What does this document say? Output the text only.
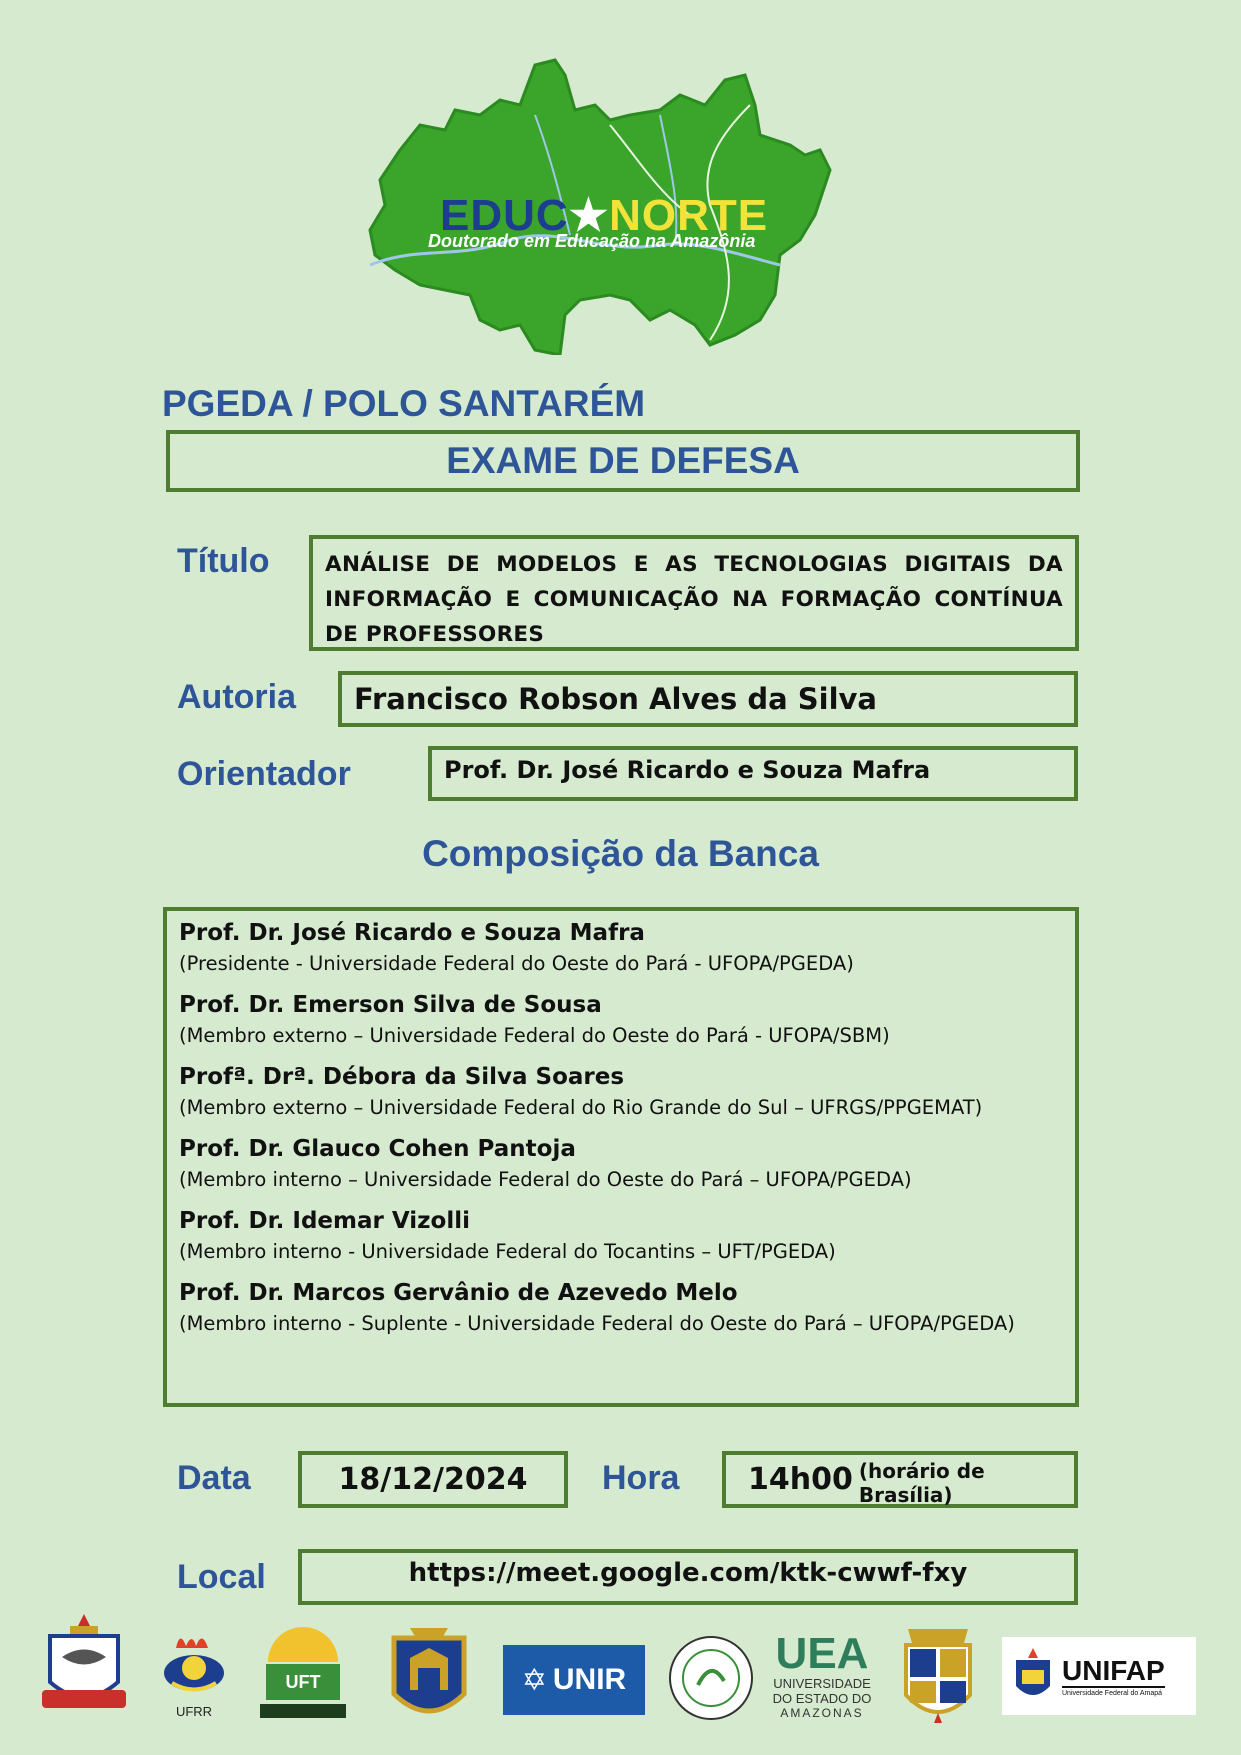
EDUC★NORTE
Doutorado em Educação na Amazônia
PGEDA / POLO SANTARÉM
EXAME DE DEFESA
Título	ANÁLISE DE MODELOS E AS TECNOLOGIAS DIGITAIS DA INFORMAÇÃO E COMUNICAÇÃO NA FORMAÇÃO CONTÍNUA DE PROFESSORES
Autoria Francisco Robson Alves da Silva
Orientador	Prof. Dr. José Ricardo e Souza Mafra
Composição da Banca
Prof. Dr. José Ricardo e Souza Mafra
(Presidente - Universidade Federal do Oeste do Pará - UFOPA/PGEDA)
Prof. Dr. Emerson Silva de Sousa
(Membro externo – Universidade Federal do Oeste do Pará - UFOPA/SBM)
Profª. Drª. Débora da Silva Soares
(Membro externo – Universidade Federal do Rio Grande do Sul – UFRGS/PPGEMAT)
Prof. Dr. Glauco Cohen Pantoja
(Membro interno – Universidade Federal do Oeste do Pará – UFOPA/PGEDA)
Prof. Dr. Idemar Vizolli
(Membro interno - Universidade Federal do Tocantins – UFT/PGEDA)
Prof. Dr. Marcos Gervânio de Azevedo Melo
(Membro interno - Suplente - Universidade Federal do Oeste do Pará – UFOPA/PGEDA)
Data	18/12/2024 Hora 14h00 (horário de Brasília)
Local	https://meet.google.com/ktk-cwwf-fxy
UFRR
UFT	✡ UNIR
UEA
UNIVERSIDADE
DO ESTADO DO
AMAZONAS
UNIFAP
Universidade Federal do Amapá
